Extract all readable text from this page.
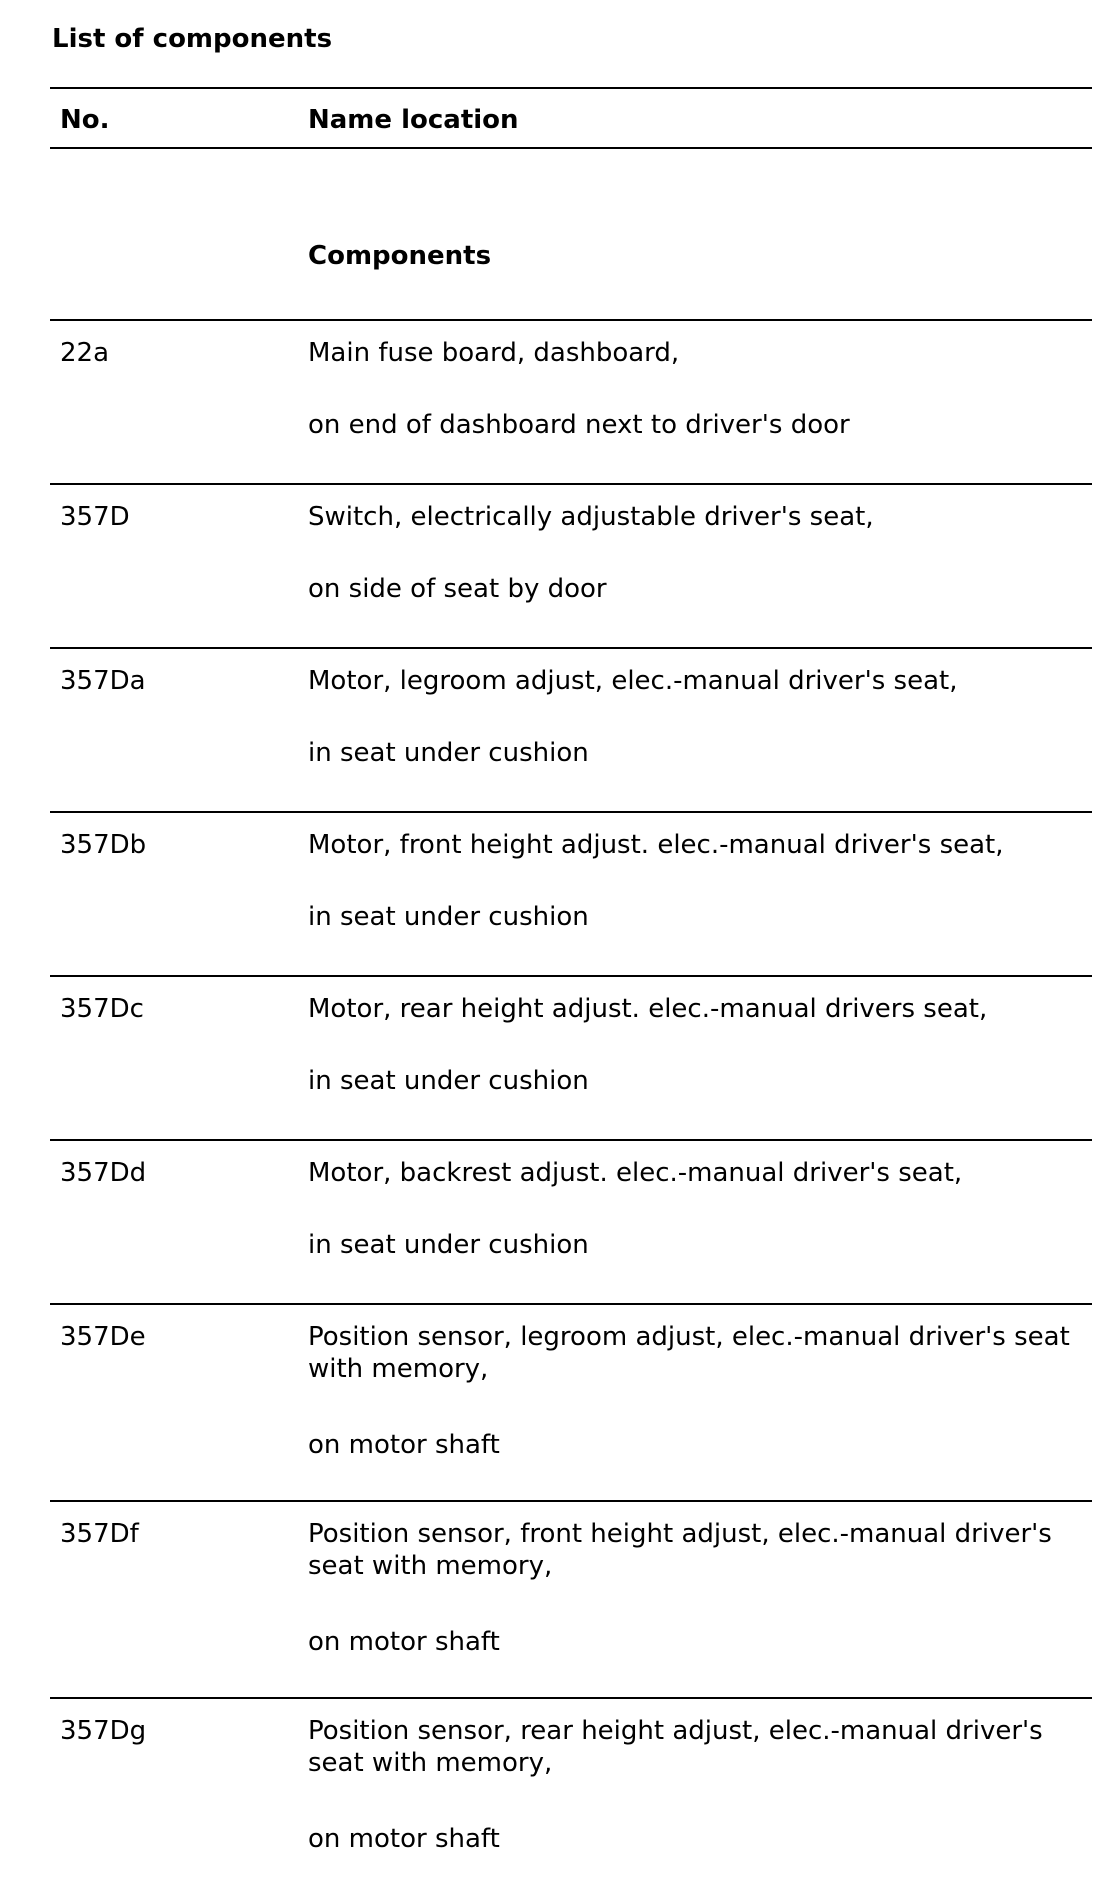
List of components
No.	Name location
Components
22a	Main fuse board, dashboard,

on end of dashboard next to driver's door

357D	Switch, electrically adjustable driver's seat,

on side of seat by door

357Da	Motor, legroom adjust, elec.-manual driver's seat,

in seat under cushion

357Db	Motor, front height adjust. elec.-manual driver's seat,

in seat under cushion

357Dc	Motor, rear height adjust. elec.-manual drivers seat,

in seat under cushion

357Dd	Motor, backrest adjust. elec.-manual driver's seat,

in seat under cushion

357De	Position sensor, legroom adjust, elec.-manual driver's seat with memory,

on motor shaft

357Df	Position sensor, front height adjust, elec.-manual driver's seat with memory,

on motor shaft

357Dg	Position sensor, rear height adjust, elec.-manual driver's seat with memory,

on motor shaft
